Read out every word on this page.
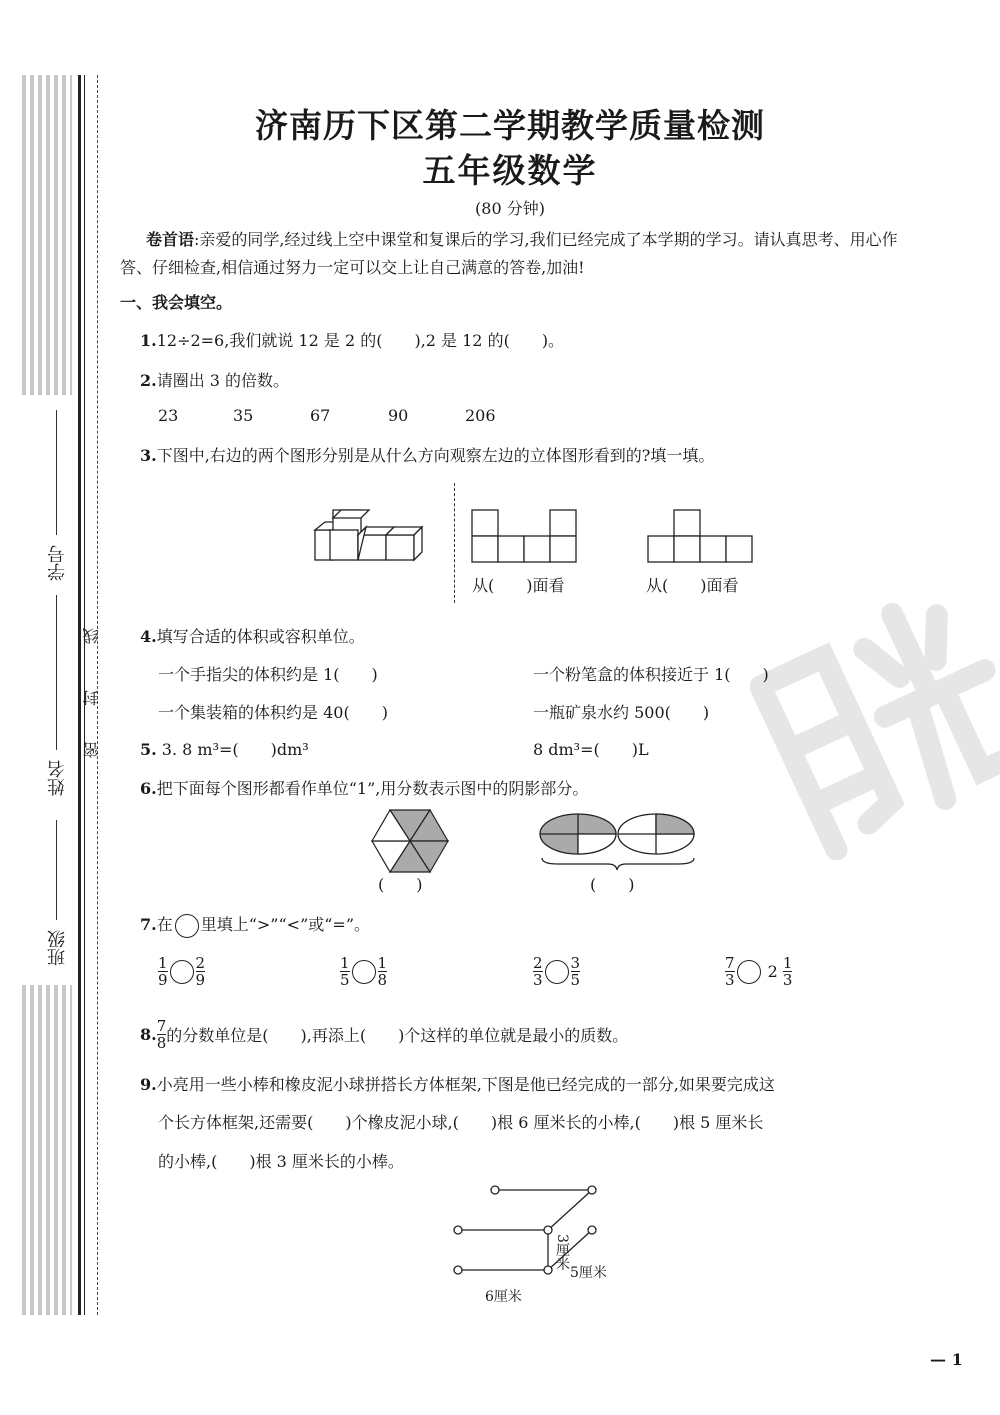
学号
姓名
班级
密
封
线
济南历下区第二学期教学质量检测
五年级数学
(80 分钟)
卷首语:亲爱的同学,经过线上空中课堂和复课后的学习,我们已经完成了本学期的学习。请认真思考、用心作答、仔细检查,相信通过努力一定可以交上让自己满意的答卷,加油!
一、我会填空。
1.12÷2=6,我们就说 12 是 2 的(　　),2 是 12 的(　　)。
2.请圈出 3 的倍数。
23	35	67	90	206
3.下图中,右边的两个图形分别是从什么方向观察左边的立体图形看到的?填一填。
从(　　)面看	从(　　)面看
4.填写合适的体积或容积单位。
一个手指尖的体积约是 1(　　)	一个粉笔盒的体积接近于 1(　　)
一个集装箱的体积约是 40(　　)	一瓶矿泉水约 500(　　)
5. 3. 8 m³=(　　)dm³	8 dm³=(　　)L
6.把下面每个图形都看作单位“1”,用分数表示图中的阴影部分。
(　　)	(　　)
7.在 里填上“>”“<”或“=”。
$\frac{1}{9} \frac{2}{9}$	$\frac{1}{5} \frac{1}{8}$	$\frac{2}{3} \frac{3}{5}$	$\frac{7}{3} 2 \frac{1}{3}$
8. $\frac{7}{8}$ 的分数单位是(　　),再添上(　　)个这样的单位就是最小的质数。
9.小亮用一些小棒和橡皮泥小球拼搭长方体框架,下图是他已经完成的一部分,如果要完成这
个长方体框架,还需要(　　)个橡皮泥小球,(　　)根 6 厘米长的小棒,(　　)根 5 厘米长
的小棒,(　　)根 3 厘米长的小棒。
6厘米
5厘米
3厘米
— 1
